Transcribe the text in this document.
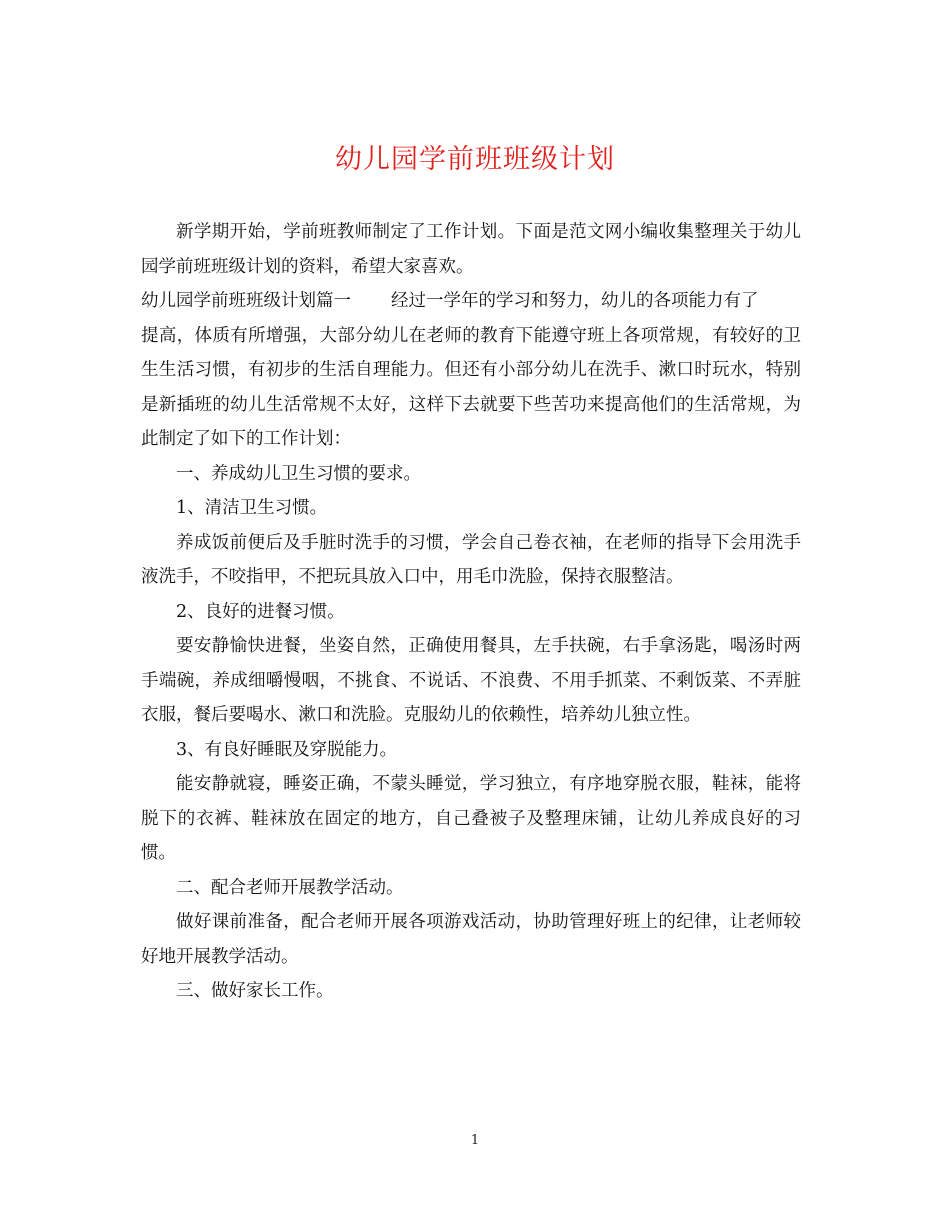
幼儿园学前班班级计划

新学期开始，学前班教师制定了工作计划。下面是范文网小编收集整理关于幼儿园学前班班级计划的资料，希望大家喜欢。

幼儿园学前班班级计划篇一 经过一学年的学习和努力，幼儿的各项能力有了

提高，体质有所增强，大部分幼儿在老师的教育下能遵守班上各项常规，有较好的卫生生活习惯，有初步的生活自理能力。但还有小部分幼儿在洗手、漱口时玩水，特别是新插班的幼儿生活常规不太好，这样下去就要下些苦功来提高他们的生活常规，为此制定了如下的工作计划：

一、养成幼儿卫生习惯的要求。

1、清洁卫生习惯。

养成饭前便后及手脏时洗手的习惯，学会自己卷衣袖，在老师的指导下会用洗手液洗手，不咬指甲，不把玩具放入口中，用毛巾洗脸，保持衣服整洁。

2、良好的进餐习惯。

要安静愉快进餐，坐姿自然，正确使用餐具，左手扶碗，右手拿汤匙，喝汤时两手端碗，养成细嚼慢咽，不挑食、不说话、不浪费、不用手抓菜、不剩饭菜、不弄脏衣服，餐后要喝水、漱口和洗脸。克服幼儿的依赖性，培养幼儿独立性。

3、有良好睡眠及穿脱能力。

能安静就寝，睡姿正确，不蒙头睡觉，学习独立，有序地穿脱衣服，鞋袜，能将脱下的衣裤、鞋袜放在固定的地方，自己叠被子及整理床铺，让幼儿养成良好的习惯。

二、配合老师开展教学活动。

做好课前准备，配合老师开展各项游戏活动，协助管理好班上的纪律，让老师较好地开展教学活动。

三、做好家长工作。

1
